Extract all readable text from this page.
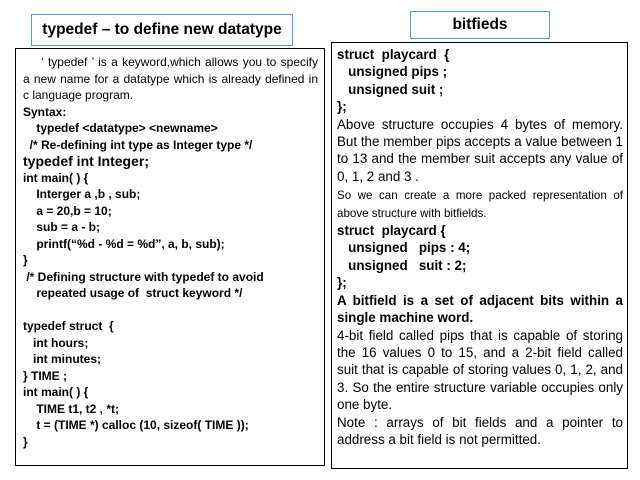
typedef – to define new datatype	bitfieds
‘ typedef ’ is a keyword,which allows you to specify a new name for a datatype which is already defined in c language program.
Syntax:
typedef <datatype> <newname>
/* Re-defining int type as Integer type */
typedef int Integer;
int main( ) {
Interger a ,b , sub;
a = 20,b = 10;
sub = a - b;
printf(“%d - %d = %d”, a, b, sub);
}
/* Defining structure with typedef to avoid
repeated usage of  struct keyword */
typedef struct  {
int hours;
int minutes;
} TIME ;
int main( ) {
TIME t1, t2 , *t;
t = (TIME *) calloc (10, sizeof( TIME ));
}
struct  playcard  {
unsigned pips ;
unsigned suit ;
};
Above structure occupies 4 bytes of memory. But the member pips accepts a value between 1 to 13 and the member suit accepts any value of 0, 1, 2 and 3 .
So we can create a more packed representation of above structure with bitfields.
struct  playcard {
unsigned   pips : 4;
unsigned   suit : 2;
};
A bitfield is a set of adjacent bits within a single machine word.
4-bit field called pips that is capable of storing the 16 values 0 to 15, and a 2-bit field called suit that is capable of storing values 0, 1, 2, and 3. So the entire structure variable occupies only one byte.
Note : arrays of bit fields and a pointer to address a bit field is not permitted.
